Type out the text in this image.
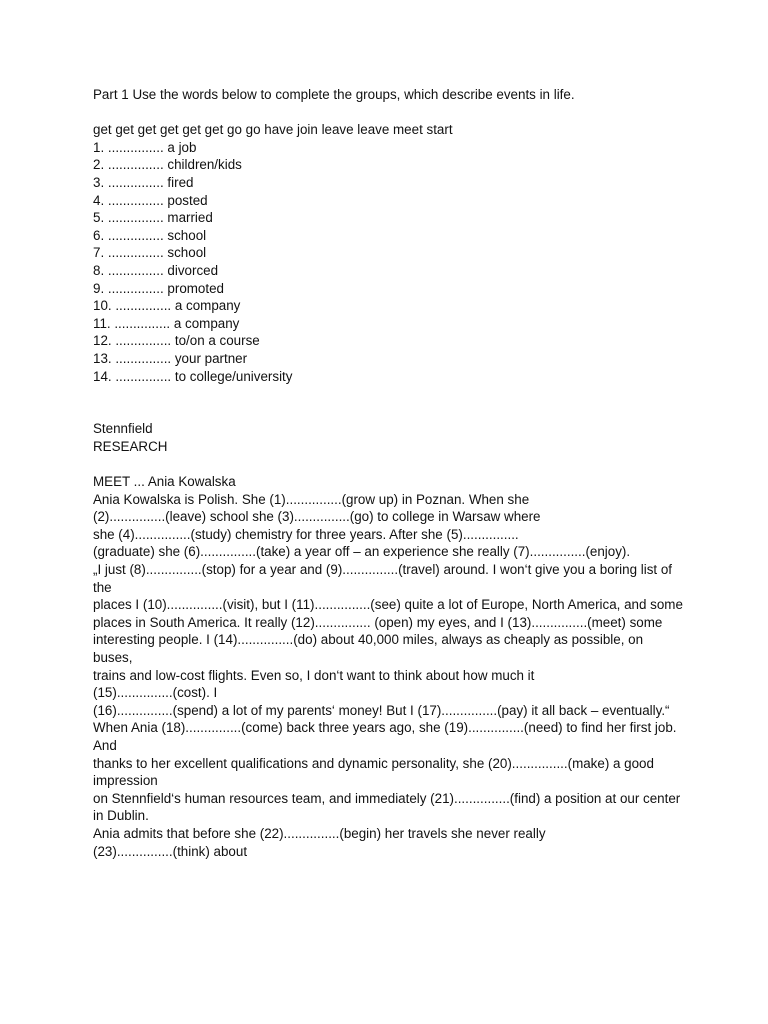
Part 1 Use the words below to complete the groups, which describe events in life.

get get get get get get go go have join leave leave meet start

1. ............... a job

2. ............... children/kids

3. ............... fired

4. ............... posted

5. ............... married

6. ............... school

7. ............... school

8. ............... divorced

9. ............... promoted

10. ............... a company

11. ............... a company

12. ............... to/on a course

13. ............... your partner

14. ............... to college/university

Stennfield

RESEARCH

MEET ... Ania Kowalska

Ania Kowalska is Polish. She (1)...............(grow up) in Poznan. When she

(2)...............(leave) school she (3)...............(go) to college in Warsaw where

she (4)...............(study) chemistry for three years. After she (5)...............

(graduate) she (6)...............(take) a year off – an experience she really (7)...............(enjoy).

„I just (8)...............(stop) for a year and (9)...............(travel) around. I won‘t give you a boring list of the

places I (10)...............(visit), but I (11)...............(see) quite a lot of Europe, North America, and some

places in South America. It really (12)............... (open) my eyes, and I (13)...............(meet) some

interesting people. I (14)...............(do) about 40,000 miles, always as cheaply as possible, on buses,

trains and low-cost flights. Even so, I don‘t want to think about how much it

(15)...............(cost). I

(16)...............(spend) a lot of my parents‘ money! But I (17)...............(pay) it all back – eventually.“

When Ania (18)...............(come) back three years ago, she (19)...............(need) to find her first job. And

thanks to her excellent qualifications and dynamic personality, she (20)...............(make) a good impression

on Stennfield‘s human resources team, and immediately (21)...............(find) a position at our center in Dublin.

Ania admits that before she (22)...............(begin) her travels she never really

(23)...............(think) about
